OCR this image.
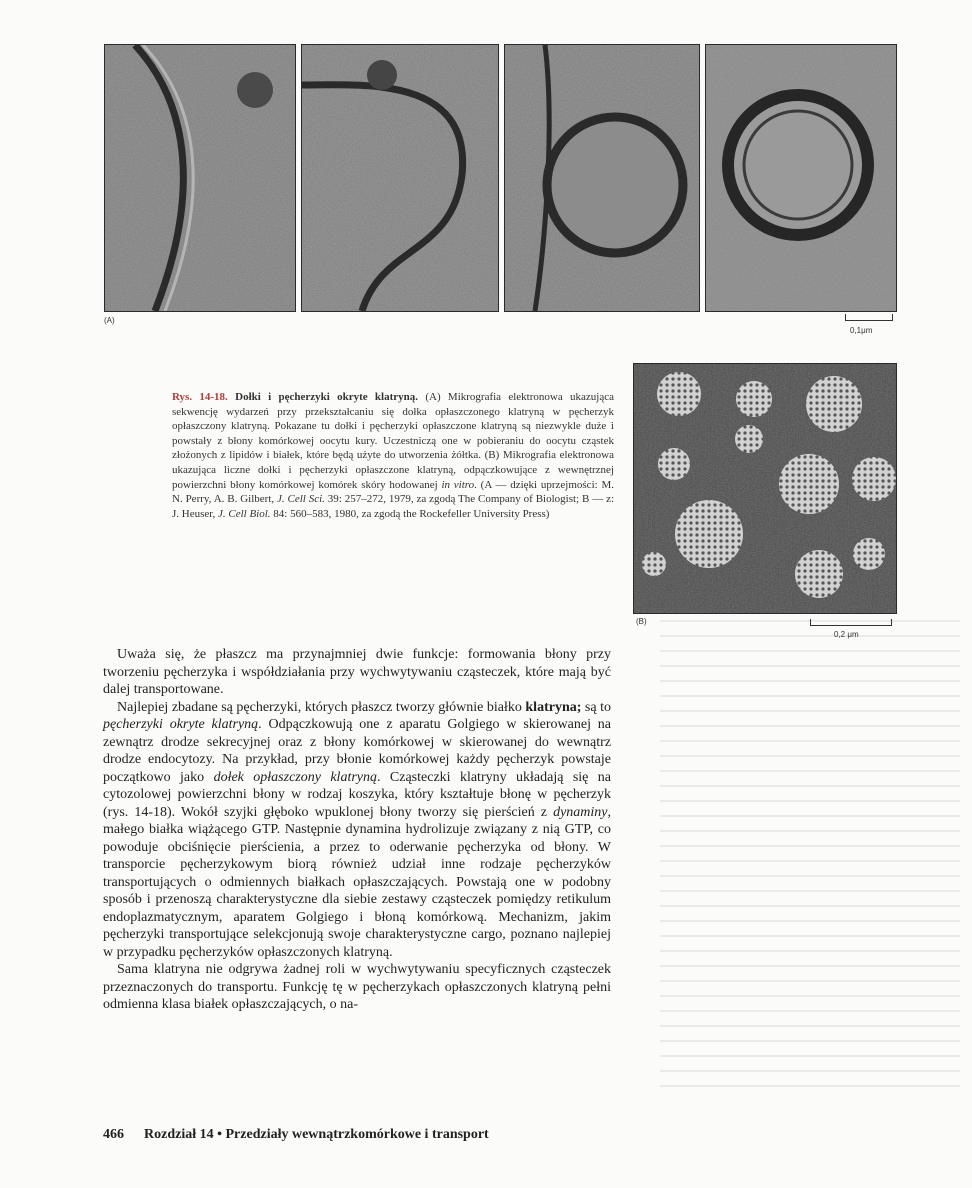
(A)
0,1μm
(B)
0,2 μm
Rys. 14-18. Dołki i pęcherzyki okryte klatryną. (A) Mikrografia elektronowa ukazująca sekwencję wydarzeń przy przekształcaniu się dołka opłaszczonego klatryną w pęcherzyk opłaszczony klatryną. Pokazane tu dołki i pęcherzyki opłaszczone klatryną są niezwykle duże i powstały z błony komórkowej oocytu kury. Uczestniczą one w pobieraniu do oocytu cząstek złożonych z lipidów i białek, które będą użyte do utworzenia żółtka. (B) Mikrografia elektronowa ukazująca liczne dołki i pęcherzyki opłaszczone klatryną, odpączkowujące z wewnętrznej powierzchni błony komórkowej komórek skóry hodowanej in vitro. (A — dzięki uprzejmości: M. N. Perry, A. B. Gilbert, J. Cell Sci. 39: 257–272, 1979, za zgodą The Company of Biologist; B — z: J. Heuser, J. Cell Biol. 84: 560–583, 1980, za zgodą the Rockefeller University Press)

Uważa się, że płaszcz ma przynajmniej dwie funkcje: formowania błony przy tworzeniu pęcherzyka i współdziałania przy wychwytywaniu cząsteczek, które mają być dalej transportowane.

Najlepiej zbadane są pęcherzyki, których płaszcz tworzy głównie białko klatryna; są to pęcherzyki okryte klatryną. Odpączkowują one z aparatu Golgiego w skierowanej na zewnątrz drodze sekrecyjnej oraz z błony komórkowej w skierowanej do wewnątrz drodze endocytozy. Na przykład, przy błonie komórkowej każdy pęcherzyk powstaje początkowo jako dołek opłaszczony klatryną. Cząsteczki klatryny układają się na cytozolowej powierzchni błony w rodzaj koszyka, który kształtuje błonę w pęcherzyk (rys. 14-18). Wokół szyjki głęboko wpuklonej błony tworzy się pierścień z dynaminy, małego białka wiążącego GTP. Następnie dynamina hydrolizuje związany z nią GTP, co powoduje obciśnięcie pierścienia, a przez to oderwanie pęcherzyka od błony. W transporcie pęcherzykowym biorą również udział inne rodzaje pęcherzyków transportujących o odmiennych białkach opłaszczających. Powstają one w podobny sposób i przenoszą charakterystyczne dla siebie zestawy cząsteczek pomiędzy retikulum endoplazmatycznym, aparatem Golgiego i błoną komórkową. Mechanizm, jakim pęcherzyki transportujące selekcjonują swoje charakterystyczne cargo, poznano najlepiej w przypadku pęcherzyków opłaszczonych klatryną.

Sama klatryna nie odgrywa żadnej roli w wychwytywaniu specyficznych cząsteczek przeznaczonych do transportu. Funkcję tę w pęcherzykach opłaszczonych klatryną pełni odmienna klasa białek opłaszczających, o na-

466 Rozdział 14 • Przedziały wewnątrzkomórkowe i transport
